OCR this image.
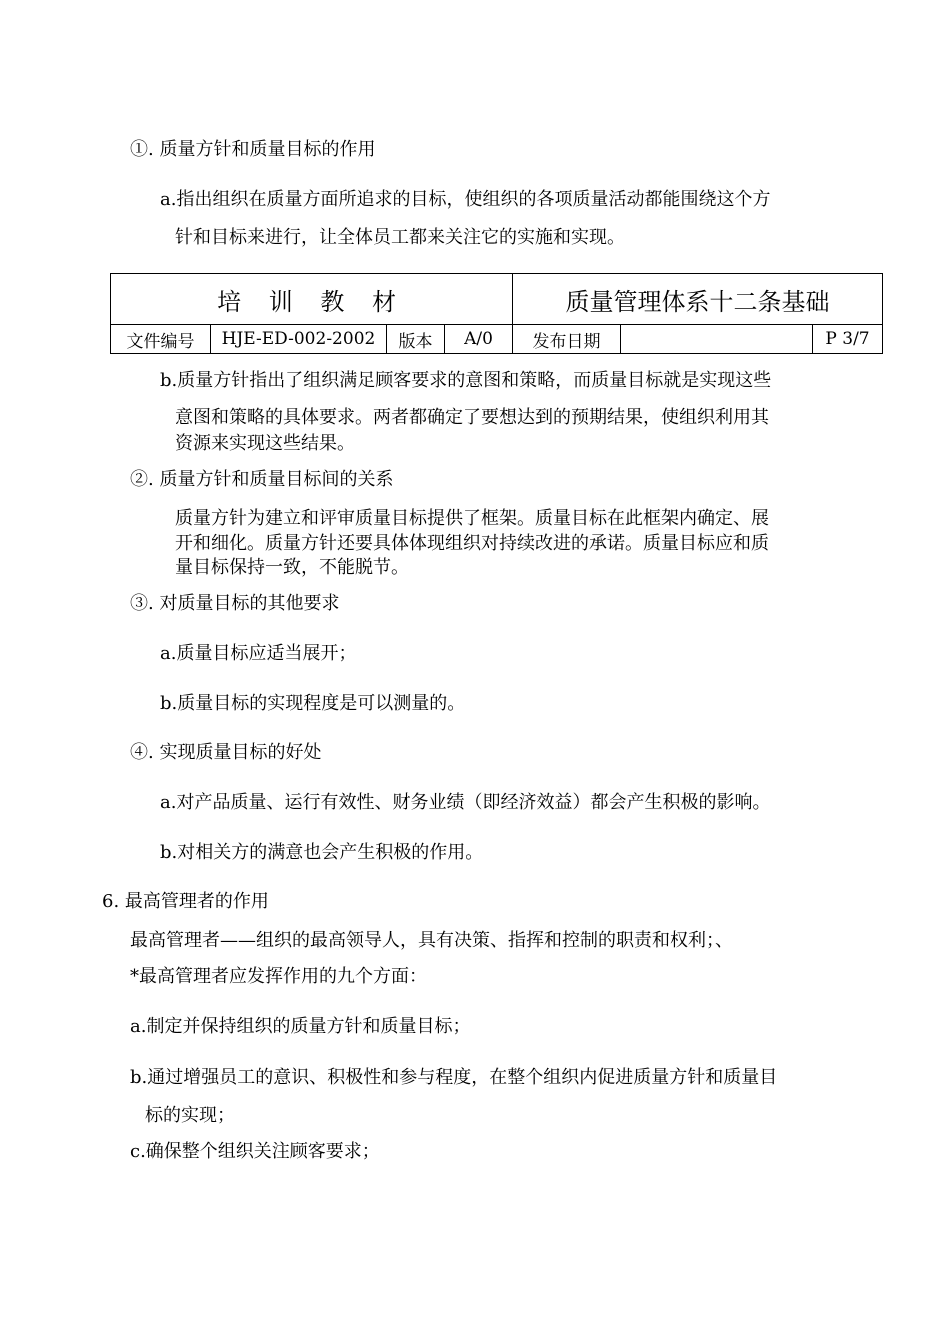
①. 质量方针和质量目标的作用
a.指出组织在质量方面所追求的目标，使组织的各项质量活动都能围绕这个方
针和目标来进行，让全体员工都来关注它的实施和实现。
培 训 教 材				质量管理体系十二条基础		
文件编号	HJE-ED-002-2002	版本	A/0	发布日期		P 3/7
b.质量方针指出了组织满足顾客要求的意图和策略，而质量目标就是实现这些
意图和策略的具体要求。两者都确定了要想达到的预期结果，使组织利用其
资源来实现这些结果。
②. 质量方针和质量目标间的关系
质量方针为建立和评审质量目标提供了框架。质量目标在此框架内确定、展
开和细化。质量方针还要具体体现组织对持续改进的承诺。质量目标应和质
量目标保持一致，不能脱节。
③. 对质量目标的其他要求
a.质量目标应适当展开；
b.质量目标的实现程度是可以测量的。
④. 实现质量目标的好处
a.对产品质量、运行有效性、财务业绩（即经济效益）都会产生积极的影响。
b.对相关方的满意也会产生积极的作用。
6. 最高管理者的作用
最高管理者——组织的最高领导人，具有决策、指挥和控制的职责和权利；、
*最高管理者应发挥作用的九个方面：
a.制定并保持组织的质量方针和质量目标；
b.通过增强员工的意识、积极性和参与程度，在整个组织内促进质量方针和质量目
标的实现；
c.确保整个组织关注顾客要求；
